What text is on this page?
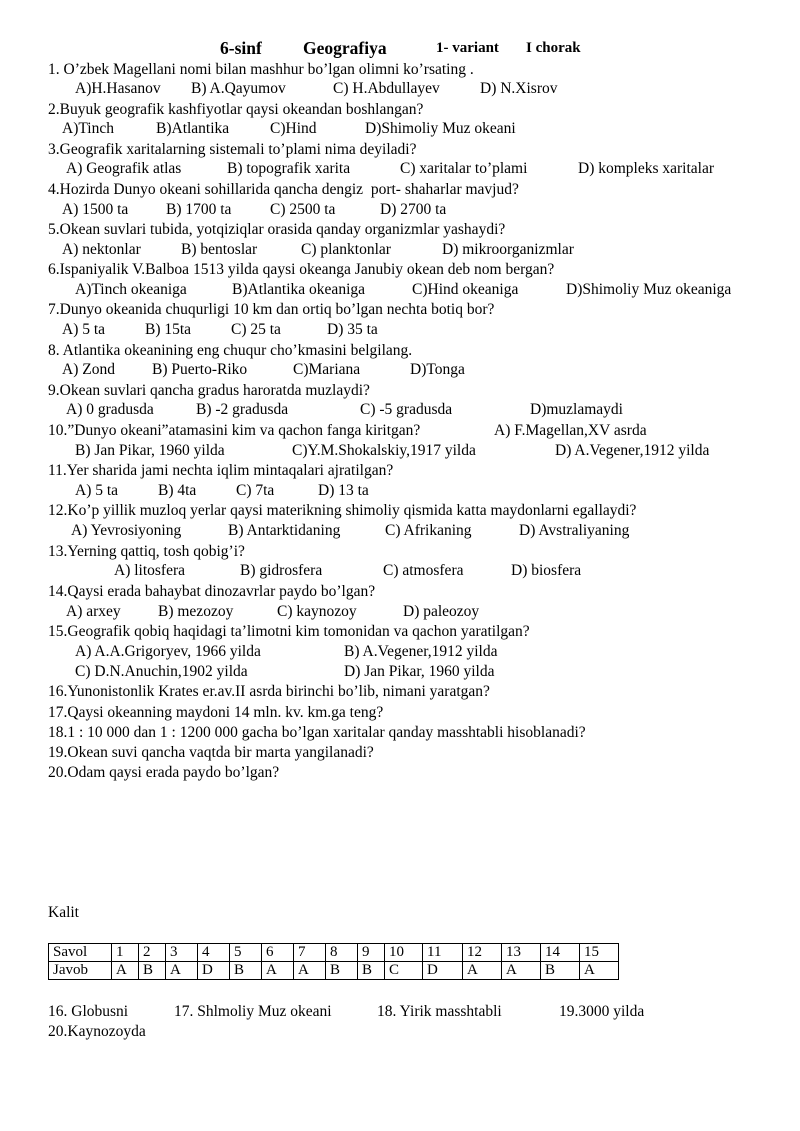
6-sinf

Geografiya

	1- variant

I chorak

1. O’zbek Magellani nomi bilan mashhur bo’lgan olimni ko’rsating .
A)H.Hasanov B) A.Qayumov	C) H.Abdullayev	D) N.Xisrov
2.Buyuk geografik kashfiyotlar qaysi okeandan boshlangan?
A)Tinch	B)Atlantika	C)Hind	D)Shimoliy Muz okeani
3.Geografik xaritalarning sistemali to’plami nima deyiladi?
A) Geografik atlas	B) topografik xarita	C) xaritalar to’plami	D) kompleks xaritalar
4.Hozirda Dunyo okeani sohillarida qancha dengiz  port- shaharlar mavjud?
A) 1500 ta B) 1700 ta C) 2500 ta	D) 2700 ta
5.Okean suvlari tubida, yotqiziqlar orasida qanday organizmlar yashaydi?
A) nektonlar	B) bentoslar	C) planktonlar	D) mikroorganizmlar
6.Ispaniyalik V.Balboa 1513 yilda qaysi okeanga Janubiy okean deb nom bergan?
A)Tinch okeaniga	B)Atlantika okeaniga	C)Hind okeaniga	D)Shimoliy Muz okeaniga
7.Dunyo okeanida chuqurligi 10 km dan ortiq bo’lgan nechta botiq bor?
A) 5 ta	B) 15ta	C) 25 ta	D) 35 ta
8. Atlantika okeanining eng chuqur cho’kmasini belgilang.
A) Zond B) Puerto-Riko	C)Mariana	D)Tonga
9.Okean suvlari qancha gradus haroratda muzlaydi?
A) 0 gradusda	B) -2 gradusda	C) -5 gradusda	D)muzlamaydi
10.”Dunyo okeani”atamasini kim va qachon fanga kiritgan?	A) F.Magellan,XV asrda
B) Jan Pikar, 1960 yilda	C)Y.M.Shokalskiy,1917 yilda	D) A.Vegener,1912 yilda
11.Yer sharida jami nechta iqlim mintaqalari ajratilgan?
A) 5 ta	B) 4ta	C) 7ta	D) 13 ta
12.Ko’p yillik muzloq yerlar qaysi materikning shimoliy qismida katta maydonlarni egallaydi?
A) Yevrosiyoning	B) Antarktidaning	C) Afrikaning	D) Avstraliyaning
13.Yerning qattiq, tosh qobig’i?
A) litosfera	B) gidrosfera	C) atmosfera	D) biosfera
14.Qaysi erada bahaybat dinozavrlar paydo bo’lgan?
A) arxey B) mezozoy	C) kaynozoy	D) paleozoy
15.Geografik qobiq haqidagi ta’limotni kim tomonidan va qachon yaratilgan?
A) A.A.Grigoryev, 1966 yilda	B) A.Vegener,1912 yilda
C) D.N.Anuchin,1902 yilda	D) Jan Pikar, 1960 yilda
16.Yunonistonlik Krates er.av.II asrda birinchi bo’lib, nimani yaratgan?
17.Qaysi okeanning maydoni 14 mln. kv. km.ga teng?
18.1 : 10 000 dan 1 : 1200 000 gacha bo’lgan xaritalar qanday masshtabli hisoblanadi?
19.Okean suvi qancha vaqtda bir marta yangilanadi?
20.Odam qaysi erada paydo bo’lgan?
Kalit
Savol	1	2	3	4	5	6	7	8	9	10	11	12	13	14	15
Javob	A	B	A	D	B	A	A	B	B	C	D	A	A	B	A
16. Globusni	17. Shlmoliy Muz okeani	18. Yirik masshtabli	19.3000 yilda
20.Kaynozoyda
